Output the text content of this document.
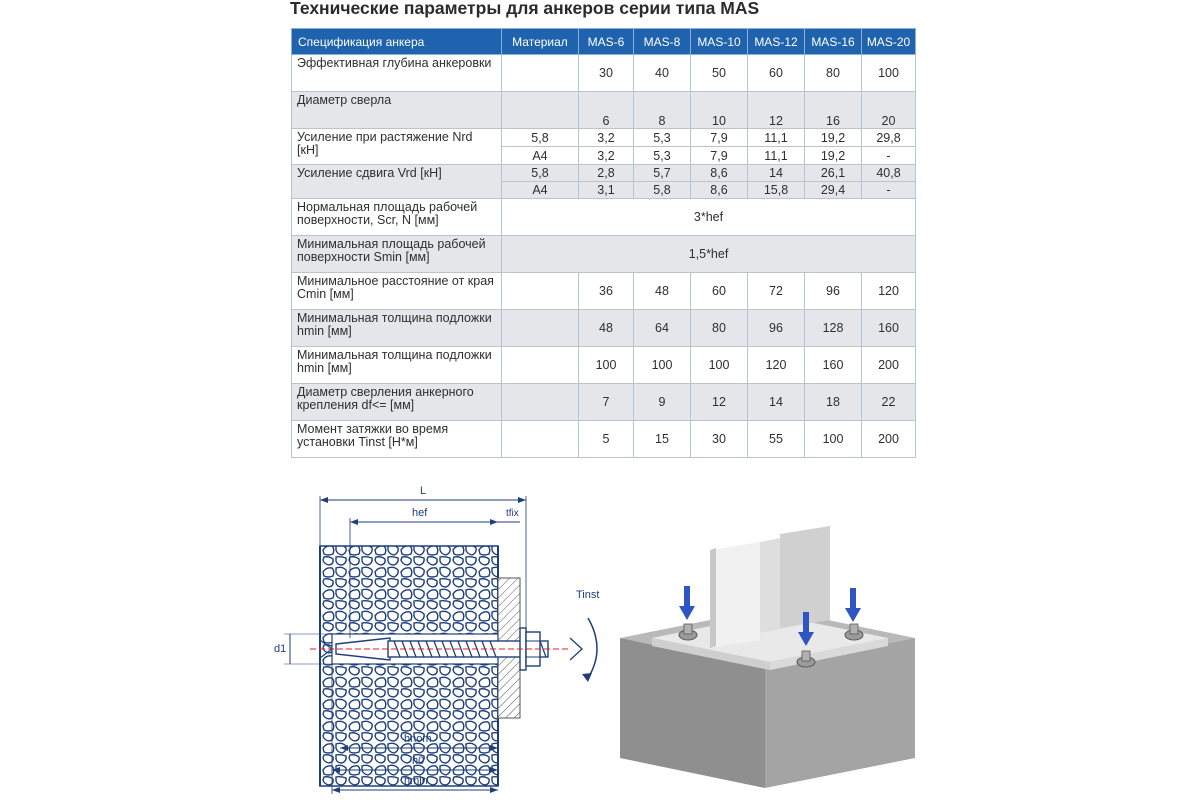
Технические параметры для анкеров серии типа MAS
Спецификация анкера	Материал	MAS-6	MAS-8	MAS-10	MAS-12	MAS-16	MAS-20
Эффективная глубина анкеровки		30	40	50	60	80	100
Диаметр сверла		6	8	10	12	16	20
Усиление при растяжение Nrd [кН]	5,8	3,2	5,3	7,9	11,1	19,2	29,8
	A4	3,2	5,3	7,9	11,1	19,2	-
Усиление сдвига Vrd [кН]	5,8	2,8	5,7	8,6	14	26,1	40,8
	A4	3,1	5,8	8,6	15,8	29,4	-
Нормальная площадь рабочей поверхности, Scr, N [мм]	3*hef						
Минимальная площадь рабочей поверхности Smin [мм]	1,5*hef						
Минимальное расстояние от края Cmin [мм]		36	48	60	72	96	120
Минимальная толщина подложки hmin [мм]		48	64	80	96	128	160
Минимальная толщина подложки hmin [мм]		100	100	100	120	160	200
Диаметр сверления анкерного крепления df<= [мм]		7	9	12	14	18	22
Момент затяжки во время установки Tinst [Н*м]		5	15	30	55	100	200
Tinst
L
hef	tfix
d1
hnom
h0
hmin
